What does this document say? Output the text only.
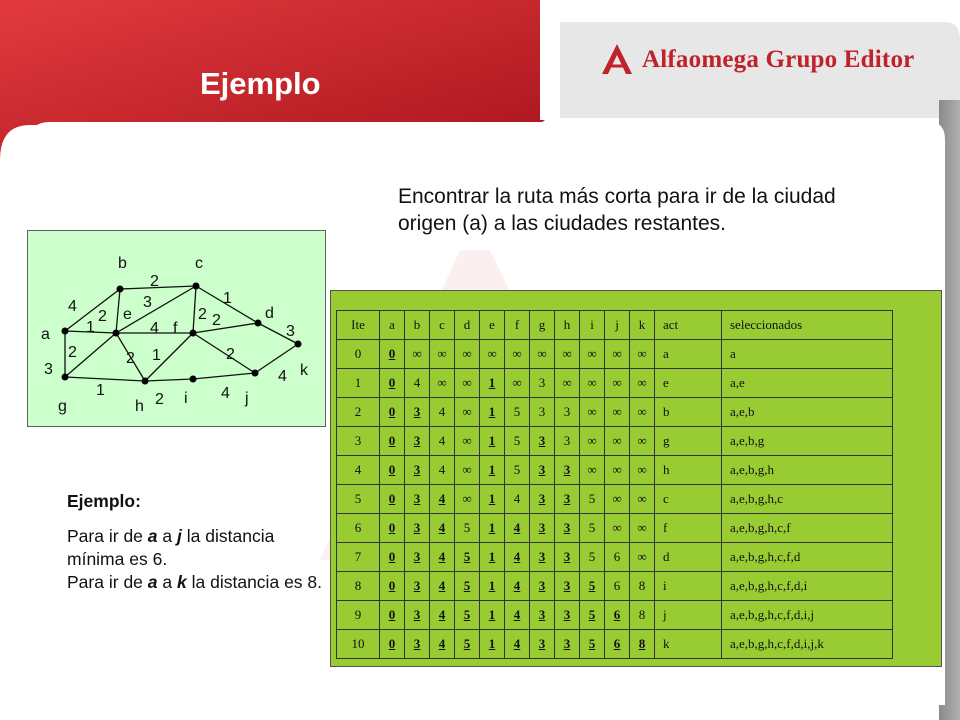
Ejemplo
Alfaomega Grupo Editor
Encontrar la ruta más corta para ir de la ciudad origen (a) a las ciudades restantes.
4
1
3
2
2
3
4
2
2
1
2
3
2
1
1
2	4
2
4
a
b	c
d
e
f
g	h	i	j
k
Ejemplo:

Para ir de a a j la distancia mínima es 6.

Para ir de a a k la distancia es 8.

Ite	a	b	c	d	e	f	g	h	i	j	k	act	seleccionados
0	0	∞	∞	∞	∞	∞	∞	∞	∞	∞	∞	a	a
1	0	4	∞	∞	1	∞	3	∞	∞	∞	∞	e	a,e
2	0	3	4	∞	1	5	3	3	∞	∞	∞	b	a,e,b
3	0	3	4	∞	1	5	3	3	∞	∞	∞	g	a,e,b,g
4	0	3	4	∞	1	5	3	3	∞	∞	∞	h	a,e,b,g,h
5	0	3	4	∞	1	4	3	3	5	∞	∞	c	a,e,b,g,h,c
6	0	3	4	5	1	4	3	3	5	∞	∞	f	a,e,b,g,h,c,f
7	0	3	4	5	1	4	3	3	5	6	∞	d	a,e,b,g,h,c,f,d
8	0	3	4	5	1	4	3	3	5	6	8	i	a,e,b,g,h,c,f,d,i
9	0	3	4	5	1	4	3	3	5	6	8	j	a,e,b,g,h,c,f,d,i,j
10	0	3	4	5	1	4	3	3	5	6	8	k	a,e,b,g,h,c,f,d,i,j,k
